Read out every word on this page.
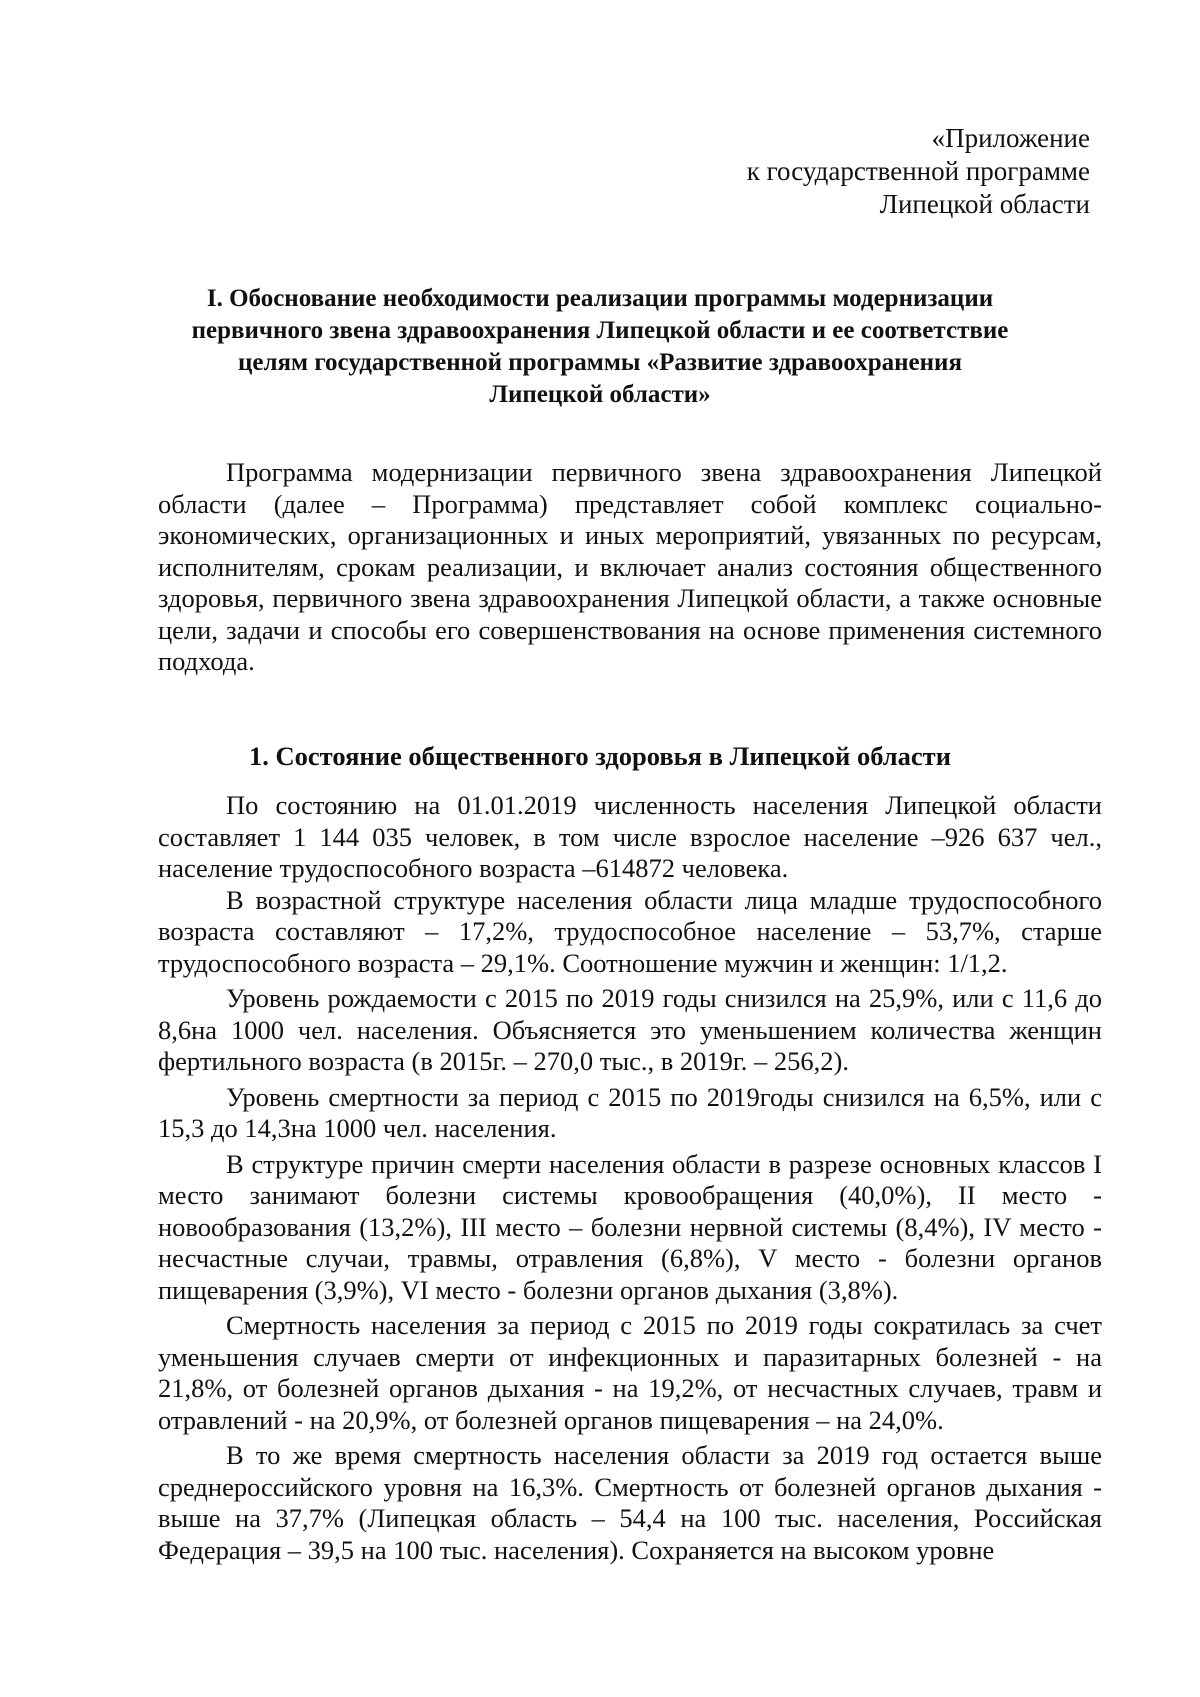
«Приложение
к государственной программе
Липецкой области
I. Обоснование необходимости реализации программы модернизации
первичного звена здравоохранения Липецкой области и ее соответствие
целям государственной программы «Развитие здравоохранения
Липецкой области»

Программа модернизации первичного звена здравоохранения Липецкой области (далее – Программа) представляет собой комплекс социально-экономических, организационных и иных мероприятий, увязанных по ресурсам, исполнителям, срокам реализации, и включает анализ состояния общественного здоровья, первичного звена здравоохранения Липецкой области, а также основные цели, задачи и способы его совершенствования на основе применения системного подхода.

1. Состояние общественного здоровья в Липецкой области

По состоянию на 01.01.2019 численность населения Липецкой области составляет 1 144 035 человек, в том числе взрослое население –926 637 чел., население трудоспособного возраста –614872 человека.

В возрастной структуре населения области лица младше трудоспособного возраста составляют – 17,2%, трудоспособное население – 53,7%, старше трудоспособного возраста – 29,1%. Соотношение мужчин и женщин: 1/1,2.

Уровень рождаемости с 2015 по 2019 годы снизился на 25,9%, или с 11,6 до 8,6на 1000 чел. населения. Объясняется это уменьшением количества женщин фертильного возраста (в 2015г. – 270,0 тыс., в 2019г. – 256,2).

Уровень смертности за период с 2015 по 2019годы снизился на 6,5%, или с 15,3 до 14,3на 1000 чел. населения.

В структуре причин смерти населения области в разрезе основных классов I место занимают болезни системы кровообращения (40,0%), II место - новообразования (13,2%), III место – болезни нервной системы (8,4%), IV место - несчастные случаи, травмы, отравления (6,8%), V место - болезни органов пищеварения (3,9%), VI место - болезни органов дыхания (3,8%).

Смертность населения за период с 2015 по 2019 годы сократилась за счет уменьшения случаев смерти от инфекционных и паразитарных болезней - на 21,8%, от болезней органов дыхания - на 19,2%, от несчастных случаев, травм и отравлений - на 20,9%, от болезней органов пищеварения – на 24,0%.

В то же время смертность населения области за 2019 год остается выше среднероссийского уровня на 16,3%. Смертность от болезней органов дыхания - выше на 37,7% (Липецкая область – 54,4 на 100 тыс. населения, Российская Федерация – 39,5 на 100 тыс. населения). Сохраняется на высоком уровне
